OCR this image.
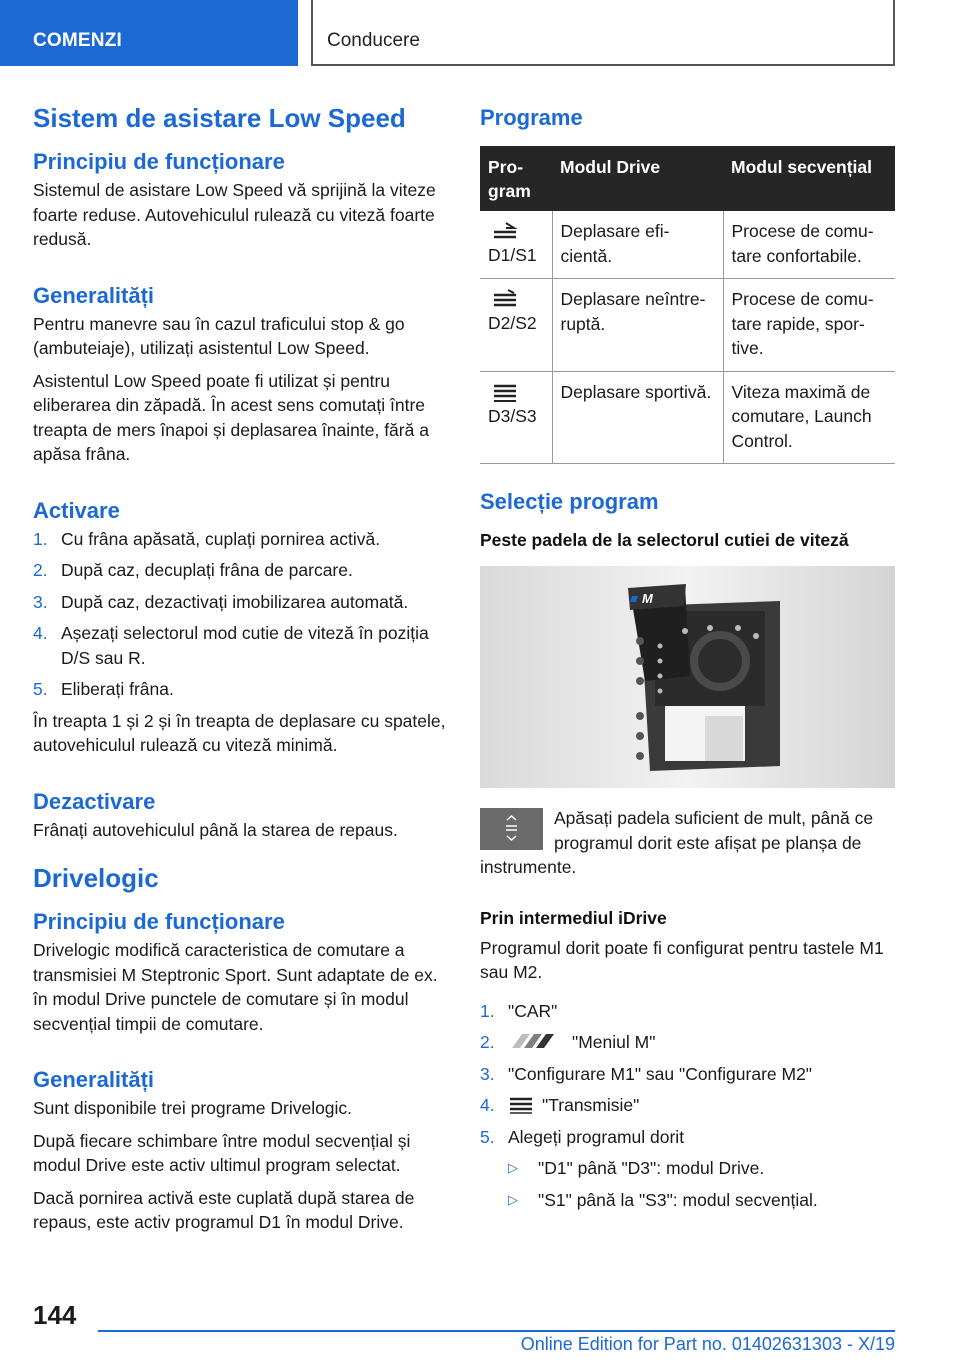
COMENZI	Conducere
Sistem de asistare Low Speed
Principiu de funcționare

Sistemul de asistare Low Speed vă sprijină la viteze foarte reduse. Autovehiculul rulează cu viteză foarte redusă.

Generalități

Pentru manevre sau în cazul traficului stop & go (ambuteiaje), utilizați asistentul Low Speed.

Asistentul Low Speed poate fi utilizat și pentru eliberarea din zăpadă. În acest sens comutați între treapta de mers înapoi și deplasarea înainte, fără a apăsa frâna.

Activare
1. Cu frâna apăsată, cuplați pornirea activă.
2. După caz, decuplați frâna de parcare.
3. După caz, dezactivați imobilizarea automată.
4. Așezați selectorul mod cutie de viteză în poziția D/S sau R.
5. Eliberați frâna.

În treapta 1 și 2 și în treapta de deplasare cu spatele, autovehiculul rulează cu viteză minimă.

Dezactivare

Frânați autovehiculul până la starea de repaus.

Drivelogic
Principiu de funcționare

Drivelogic modifică caracteristica de comutare a transmisiei M Steptronic Sport. Sunt adaptate de ex. în modul Drive punctele de comutare și în modul secvențial timpii de comutare.

Generalități

Sunt disponibile trei programe Drivelogic.

După fiecare schimbare între modul secvențial și modul Drive este activ ultimul program selectat.

Dacă pornirea activă este cuplată după starea de repaus, este activ programul D1 în modul Drive.

Programe
Program	Modul Drive	Modul secvențial

D1/S1	Deplasare eficientă.	Procese de comutare confortabile.

D2/S2	Deplasare neîntreruptă.	Procese de comutare rapide, sportive.

D3/S3	Deplasare sportivă.	Viteza maximă de comutare, Launch Control.
Selecție program
Peste padela de la selectorul cutiei de viteză
M

Apăsați padela suficient de mult, până ce programul dorit este afișat pe planșa de instrumente.

Prin intermediul iDrive

Programul dorit poate fi configurat pentru tastele M1 sau M2.

1. "CAR"
2.	"Meniul M"
3. "Configurare M1" sau "Configurare M2"
4.	"Transmisie"
5. Alegeți programul dorit
▷ "D1" până "D3": modul Drive.
▷ "S1" până la "S3": modul secvențial.
144
Online Edition for Part no. 01402631303 - X/19
